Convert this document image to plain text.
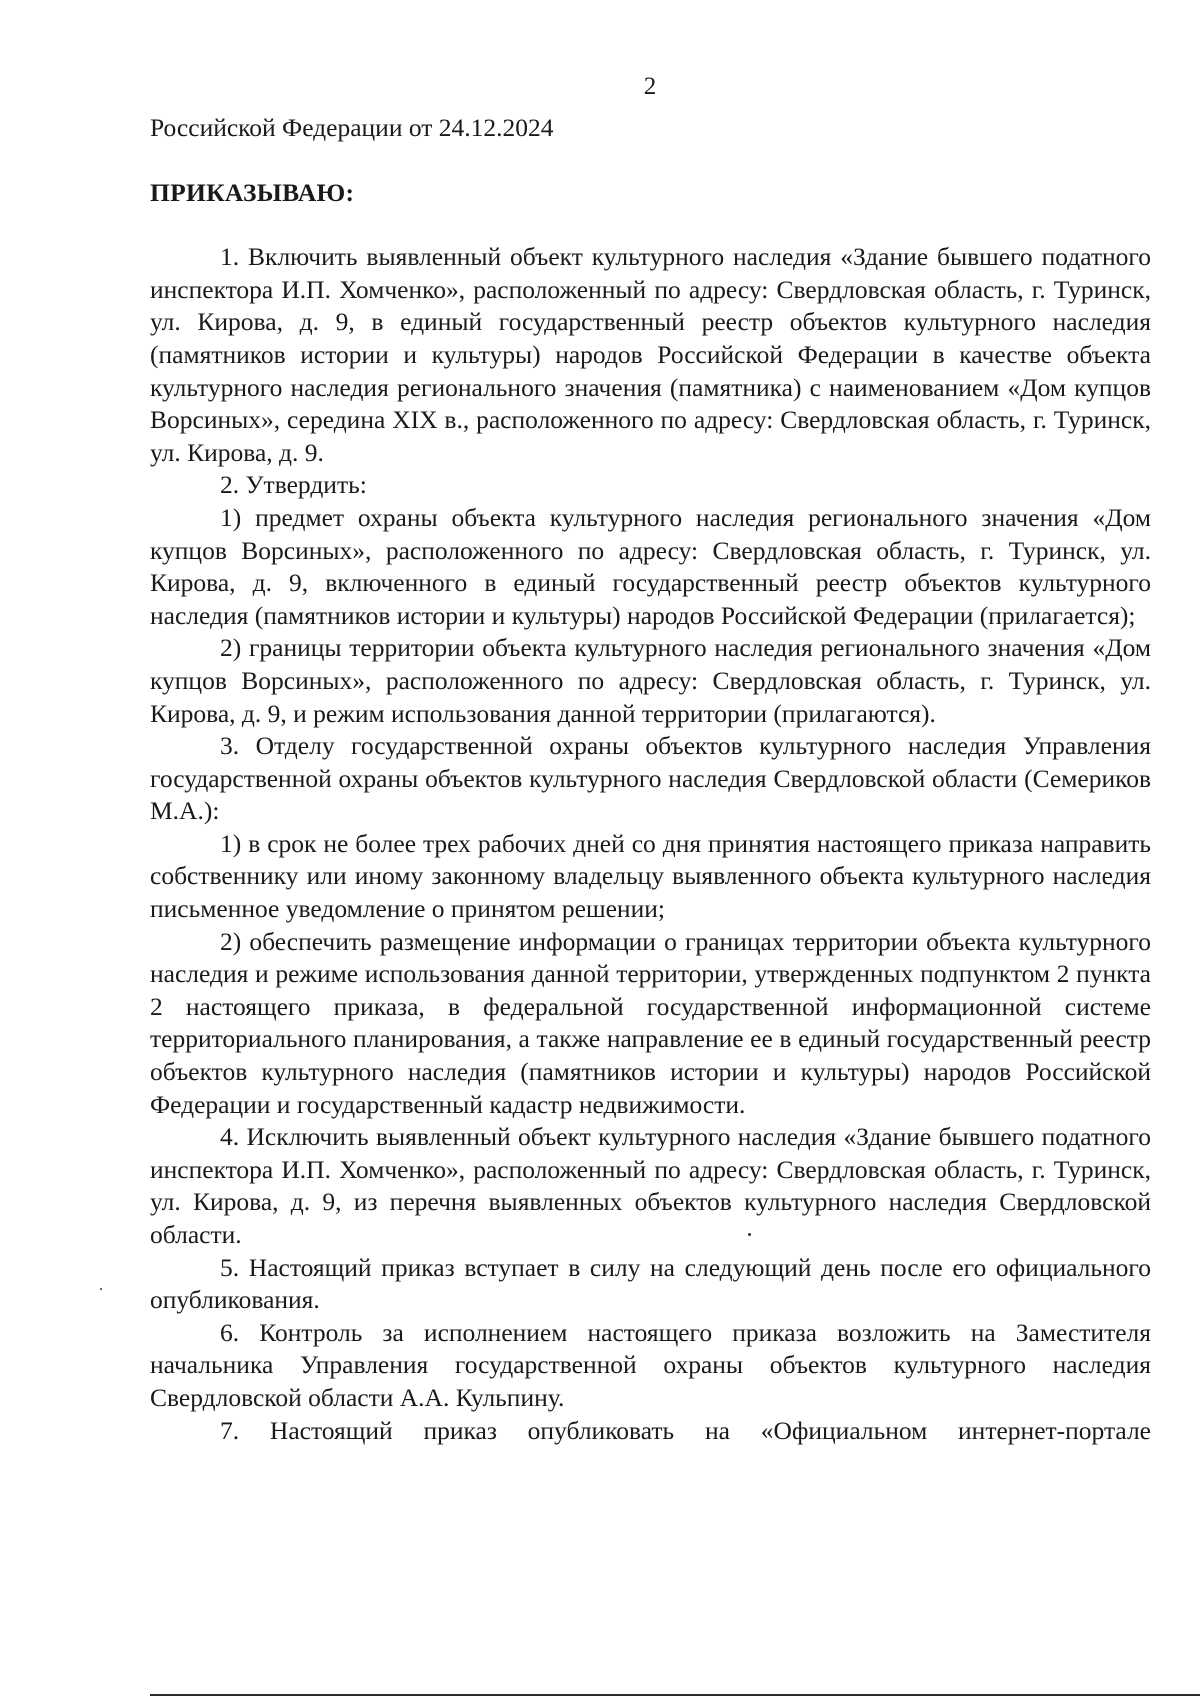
2

Российской Федерации от 24.12.2024

ПРИКАЗЫВАЮ:

1. Включить выявленный объект культурного наследия «Здание бывшего податного инспектора И.П. Хомченко», расположенный по адресу: Свердловская область, г. Туринск, ул. Кирова, д. 9, в единый государственный реестр объектов культурного наследия (памятников истории и культуры) народов Российской Федерации в качестве объекта культурного наследия регионального значения (памятника) с наименованием «Дом купцов Ворсиных», середина XIX в., расположенного по адресу: Свердловская область, г. Туринск, ул. Кирова, д. 9.

2. Утвердить:

1) предмет охраны объекта культурного наследия регионального значения «Дом купцов Ворсиных», расположенного по адресу: Свердловская область, г. Туринск, ул. Кирова, д. 9, включенного в единый государственный реестр объектов культурного наследия (памятников истории и культуры) народов Российской Федерации (прилагается);

2) границы территории объекта культурного наследия регионального значения «Дом купцов Ворсиных», расположенного по адресу: Свердловская область, г. Туринск, ул. Кирова, д. 9, и режим использования данной территории (прилагаются).

3. Отделу государственной охраны объектов культурного наследия Управления государственной охраны объектов культурного наследия Свердловской области (Семериков М.А.):

1) в срок не более трех рабочих дней со дня принятия настоящего приказа направить собственнику или иному законному владельцу выявленного объекта культурного наследия письменное уведомление о принятом решении;

2) обеспечить размещение информации о границах территории объекта культурного наследия и режиме использования данной территории, утвержденных подпунктом 2 пункта 2 настоящего приказа, в федеральной государственной информационной системе территориального планирования, а также направление ее в единый государственный реестр объектов культурного наследия (памятников истории и культуры) народов Российской Федерации и государственный кадастр недвижимости.

4. Исключить выявленный объект культурного наследия «Здание бывшего податного инспектора И.П. Хомченко», расположенный по адресу: Свердловская область, г. Туринск, ул. Кирова, д. 9, из перечня выявленных объектов культурного наследия Свердловской области.

5. Настоящий приказ вступает в силу на следующий день после его официального опубликования.

6. Контроль за исполнением настоящего приказа возложить на Заместителя начальника Управления государственной охраны объектов культурного наследия Свердловской области А.А. Кульпину.

7. Настоящий приказ опубликовать на «Официальном интернет-портале
